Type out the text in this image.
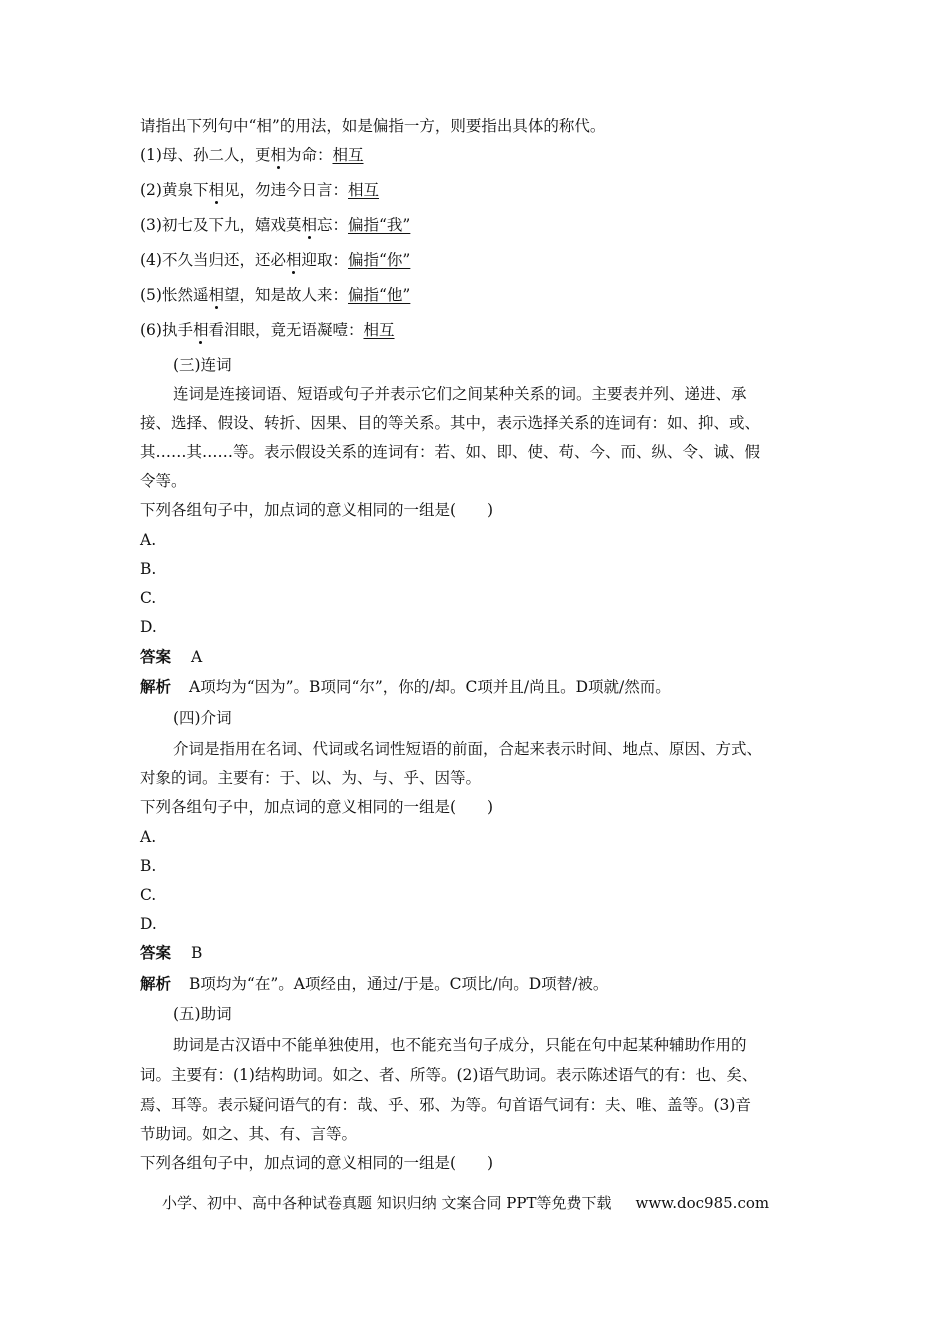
请指出下列句中“相”的用法，如是偏指一方，则要指出具体的称代。
(1)母、孙二人，更相为命：相互
(2)黄泉下相见，勿违今日言：相互
(3)初七及下九，嬉戏莫相忘：偏指“我”
(4)不久当归还，还必相迎取：偏指“你”
(5)怅然遥相望，知是故人来：偏指“他”
(6)执手相看泪眼，竟无语凝噎：相互
(三)连词
连词是连接词语、短语或句子并表示它们之间某种关系的词。主要表并列、递进、承
接、选择、假设、转折、因果、目的等关系。其中，表示选择关系的连词有：如、抑、或、
其……其……等。表示假设关系的连词有：若、如、即、使、苟、今、而、纵、令、诚、假
令等。
下列各组句子中，加点词的意义相同的一组是(　　)
A.
B.
C.
D.
答案 A
解析 A项均为“因为”。B项同“尔”，你的/却。C项并且/尚且。D项就/然而。
(四)介词
介词是指用在名词、代词或名词性短语的前面，合起来表示时间、地点、原因、方式、
对象的词。主要有：于、以、为、与、乎、因等。
下列各组句子中，加点词的意义相同的一组是(　　)
A.
B.
C.
D.
答案 B
解析 B项均为“在”。A项经由，通过/于是。C项比/向。D项替/被。
(五)助词
助词是古汉语中不能单独使用，也不能充当句子成分，只能在句中起某种辅助作用的
词。主要有：(1)结构助词。如之、者、所等。(2)语气助词。表示陈述语气的有：也、矣、
焉、耳等。表示疑问语气的有：哉、乎、邪、为等。句首语气词有：夫、唯、盖等。(3)音
节助词。如之、其、有、言等。
下列各组句子中，加点词的意义相同的一组是(　　)
小学、初中、高中各种试卷真题 知识归纳 文案合同 PPT等免费下载 www.doc985.com
